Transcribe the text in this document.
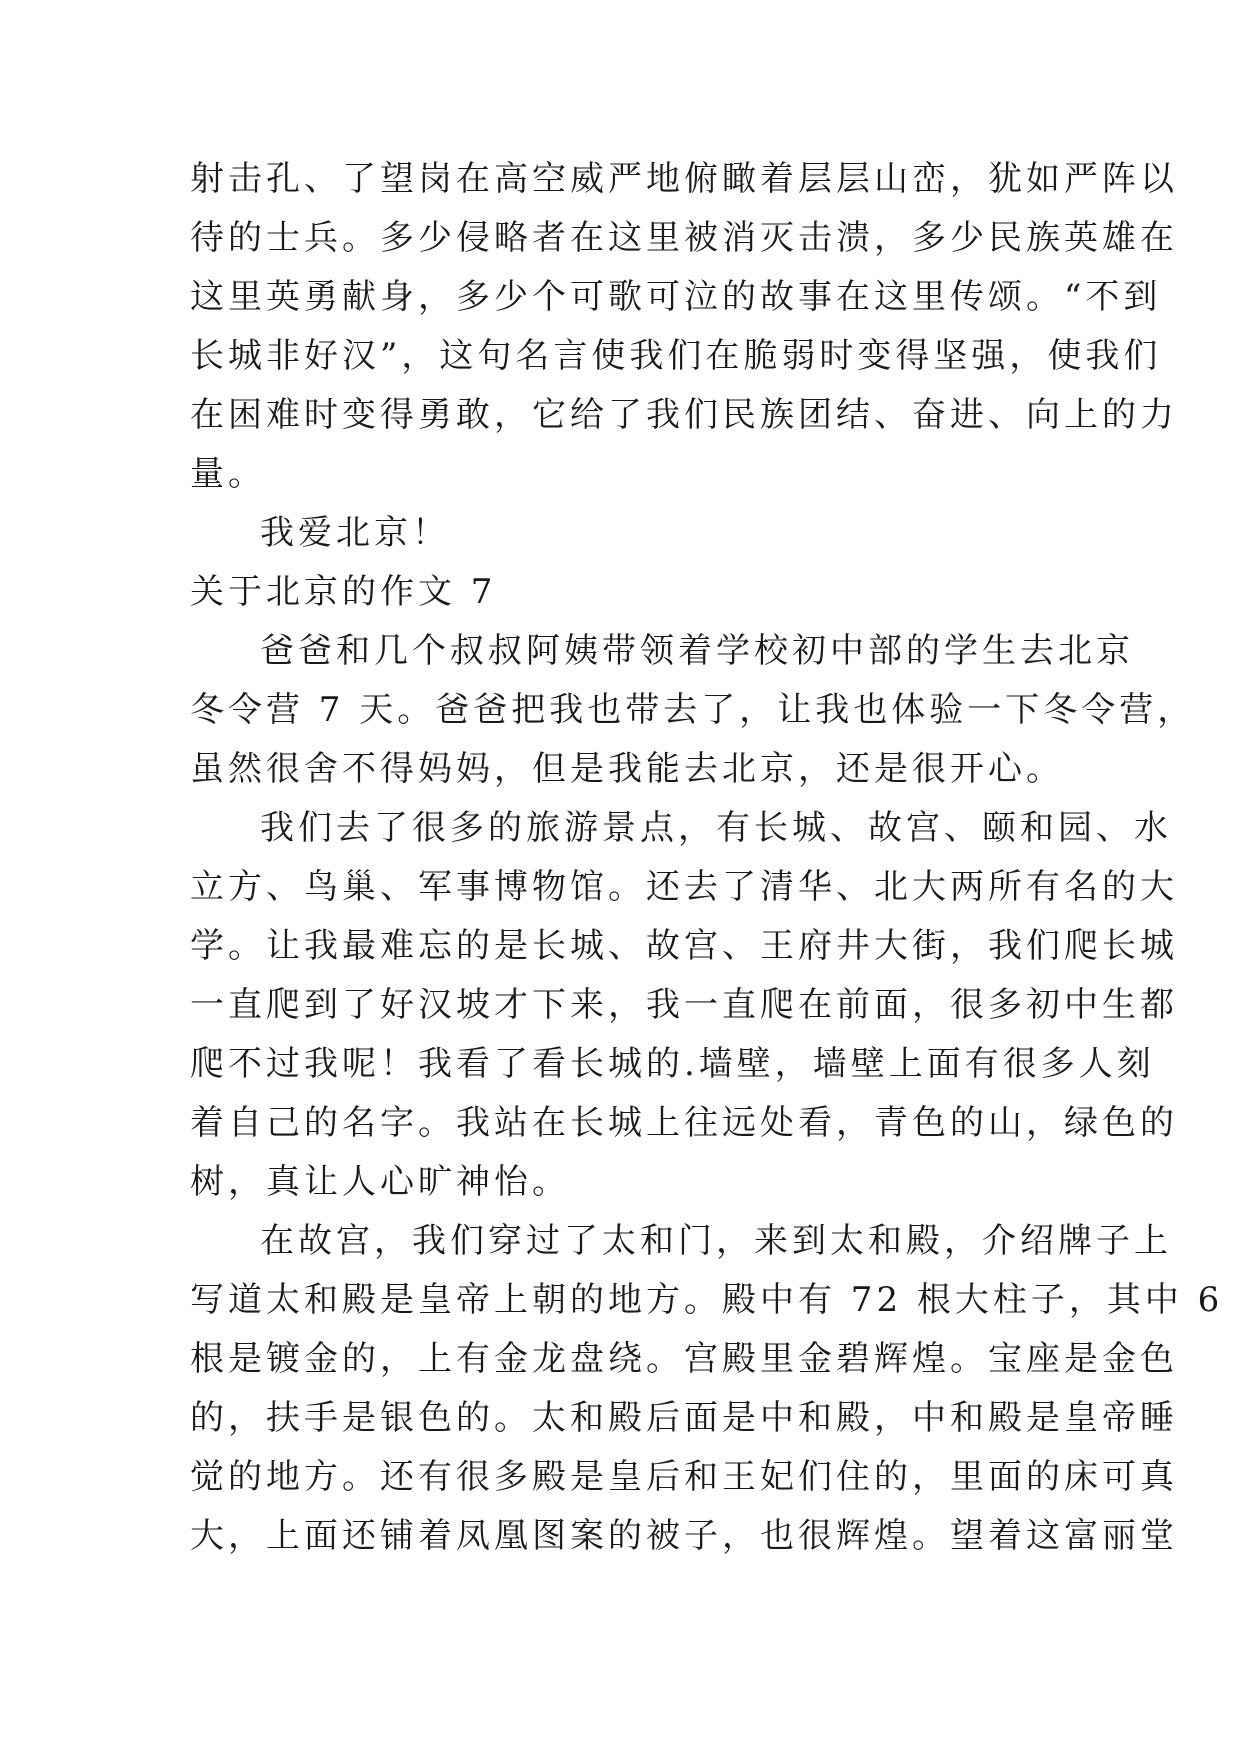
射击孔、了望岗在高空威严地俯瞰着层层山峦，犹如严阵以
待的士兵。多少侵略者在这里被消灭击溃，多少民族英雄在
这里英勇献身，多少个可歌可泣的故事在这里传颂。“不到
长城非好汉”，这句名言使我们在脆弱时变得坚强，使我们
在困难时变得勇敢，它给了我们民族团结、奋进、向上的力
量。
我爱北京！
关于北京的作文 7
爸爸和几个叔叔阿姨带领着学校初中部的学生去北京
冬令营 7 天。爸爸把我也带去了，让我也体验一下冬令营，
虽然很舍不得妈妈，但是我能去北京，还是很开心。
我们去了很多的旅游景点，有长城、故宫、颐和园、水
立方、鸟巢、军事博物馆。还去了清华、北大两所有名的大
学。让我最难忘的是长城、故宫、王府井大街，我们爬长城
一直爬到了好汉坡才下来，我一直爬在前面，很多初中生都
爬不过我呢！我看了看长城的.墙壁，墙壁上面有很多人刻
着自己的名字。我站在长城上往远处看，青色的山，绿色的
树，真让人心旷神怡。
在故宫，我们穿过了太和门，来到太和殿，介绍牌子上
写道太和殿是皇帝上朝的地方。殿中有 72 根大柱子，其中 6
根是镀金的，上有金龙盘绕。宫殿里金碧辉煌。宝座是金色
的，扶手是银色的。太和殿后面是中和殿，中和殿是皇帝睡
觉的地方。还有很多殿是皇后和王妃们住的，里面的床可真
大，上面还铺着凤凰图案的被子，也很辉煌。望着这富丽堂
